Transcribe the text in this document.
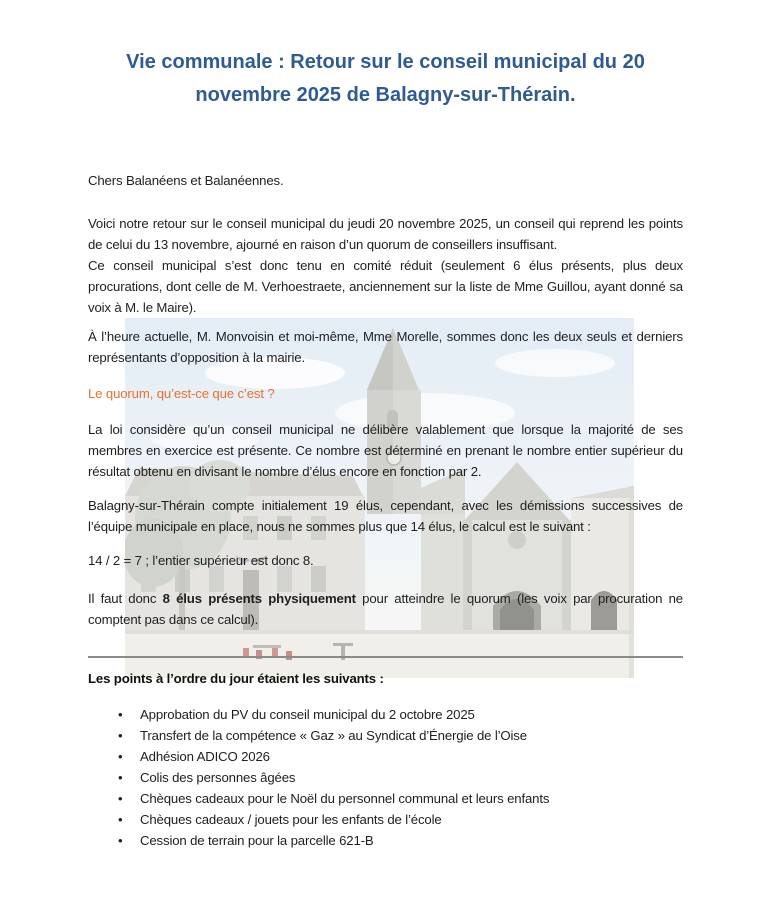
Vie communale : Retour sur le conseil municipal du 20
novembre 2025 de Balagny-sur-Thérain.

Chers Balanéens et Balanéennes.

Voici notre retour sur le conseil municipal du jeudi 20 novembre 2025, un conseil qui reprend les points de celui du 13 novembre, ajourné en raison d’un quorum de conseillers insuffisant.

Ce conseil municipal s’est donc tenu en comité réduit (seulement 6 élus présents, plus deux procurations, dont celle de M. Verhoestraete, anciennement sur la liste de Mme Guillou, ayant donné sa voix à M. le Maire).

À l’heure actuelle, M. Monvoisin et moi-même, Mme Morelle, sommes donc les deux seuls et derniers représentants d’opposition à la mairie.

Le quorum, qu’est-ce que c’est ?

La loi considère qu’un conseil municipal ne délibère valablement que lorsque la majorité de ses membres en exercice est présente. Ce nombre est déterminé en prenant le nombre entier supérieur du résultat obtenu en divisant le nombre d’élus encore en fonction par 2.

Balagny-sur-Thérain compte initialement 19 élus, cependant, avec les démissions successives de l’équipe municipale en place, nous ne sommes plus que 14 élus, le calcul est le suivant :

14 / 2 = 7 ; l’entier supérieur est donc 8.

Il faut donc 8 élus présents physiquement pour atteindre le quorum (les voix par procuration ne comptent pas dans ce calcul).

Les points à l’ordre du jour étaient les suivants :
•	Approbation du PV du conseil municipal du 2 octobre 2025
•	Transfert de la compétence « Gaz » au Syndicat d’Énergie de l’Oise
•	Adhésion ADICO 2026
•	Colis des personnes âgées
•	Chèques cadeaux pour le Noël du personnel communal et leurs enfants
•	Chèques cadeaux / jouets pour les enfants de l’école
•	Cession de terrain pour la parcelle 621-B
